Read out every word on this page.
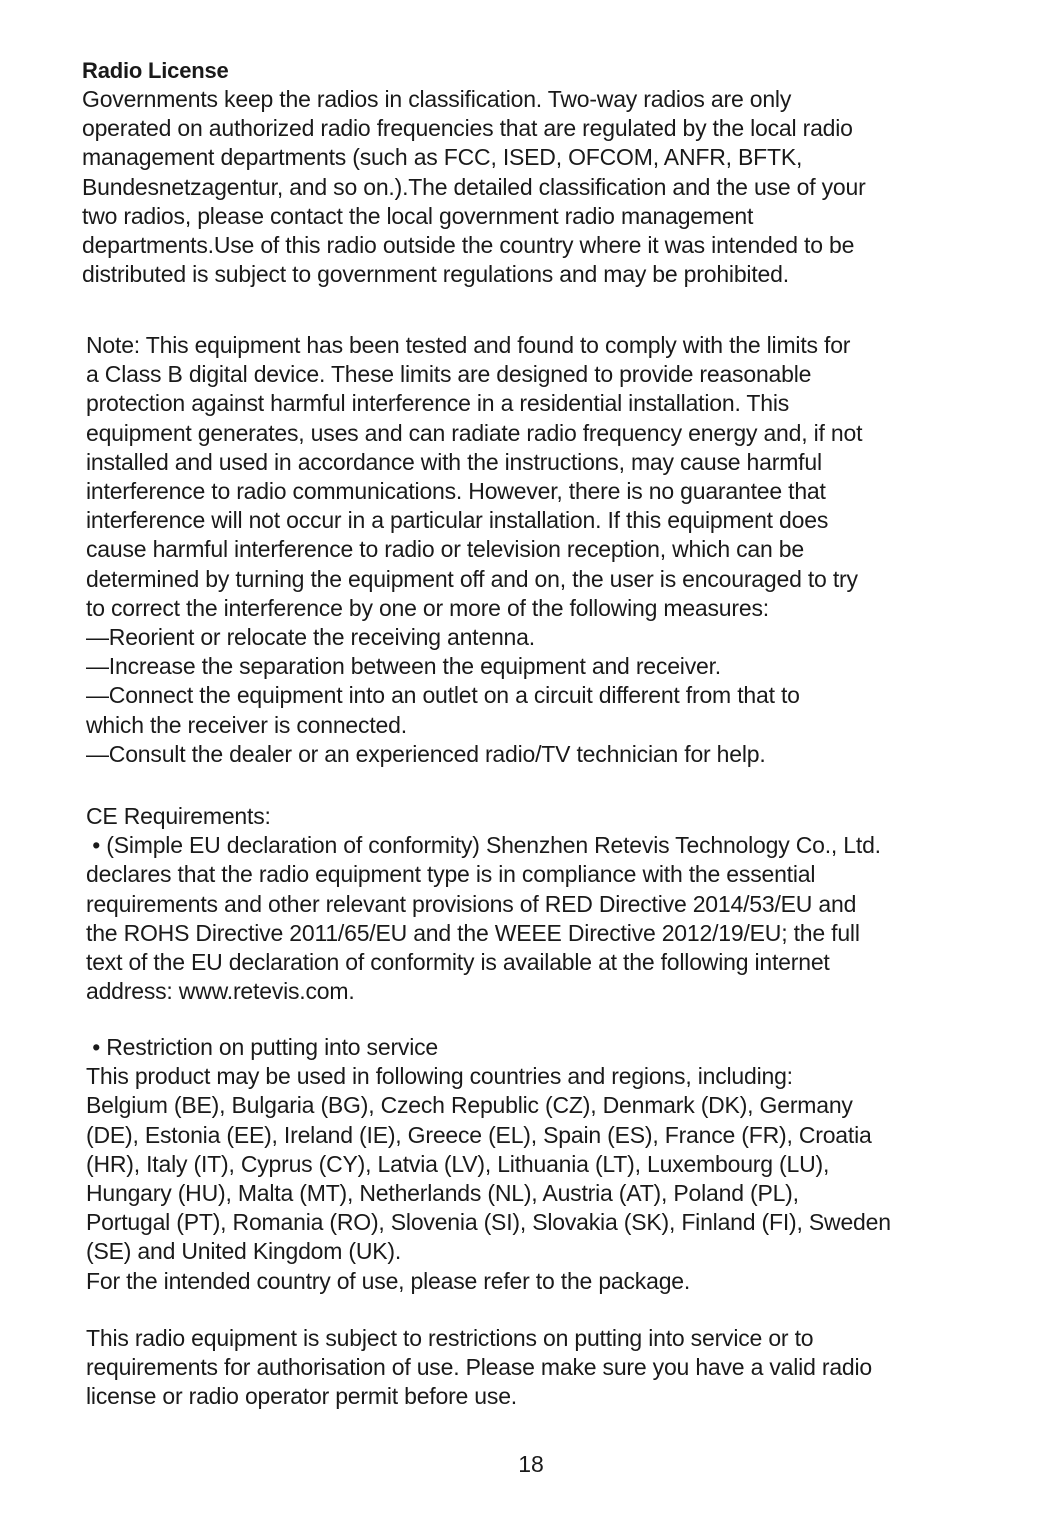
Radio License
Governments keep the radios in classification. Two-way radios are only
operated on authorized radio frequencies that are regulated by the local radio
management departments (such as FCC, ISED, OFCOM, ANFR, BFTK,
Bundesnetzagentur, and so on.).The detailed classification and the use of your
two radios, please contact the local government radio management
departments.Use of this radio outside the country where it was intended to be
distributed is subject to government regulations and may be prohibited.
Note: This equipment has been tested and found to comply with the limits for
a Class B digital device. These limits are designed to provide reasonable
protection against harmful interference in a residential installation. This
equipment generates, uses and can radiate radio frequency energy and, if not
installed and used in accordance with the instructions, may cause harmful
interference to radio communications. However, there is no guarantee that
interference will not occur in a particular installation. If this equipment does
cause harmful interference to radio or television reception, which can be
determined by turning the equipment off and on, the user is encouraged to try
to correct the interference by one or more of the following measures:
—Reorient or relocate the receiving antenna.
—Increase the separation between the equipment and receiver.
—Connect the equipment into an outlet on a circuit different from that to
which the receiver is connected.
—Consult the dealer or an experienced radio/TV technician for help.
CE Requirements:
• (Simple EU declaration of conformity) Shenzhen Retevis Technology Co., Ltd.
declares that the radio equipment type is in compliance with the essential
requirements and other relevant provisions of RED Directive 2014/53/EU and
the ROHS Directive 2011/65/EU and the WEEE Directive 2012/19/EU; the full
text of the EU declaration of conformity is available at the following internet
address: www.retevis.com.
• Restriction on putting into service
This product may be used in following countries and regions, including:
Belgium (BE), Bulgaria (BG), Czech Republic (CZ), Denmark (DK), Germany
(DE), Estonia (EE), Ireland (IE), Greece (EL), Spain (ES), France (FR), Croatia
(HR), Italy (IT), Cyprus (CY), Latvia (LV), Lithuania (LT), Luxembourg (LU),
Hungary (HU), Malta (MT), Netherlands (NL), Austria (AT), Poland (PL),
Portugal (PT), Romania (RO), Slovenia (SI), Slovakia (SK), Finland (FI), Sweden
(SE) and United Kingdom (UK).
For the intended country of use, please refer to the package.
This radio equipment is subject to restrictions on putting into service or to
requirements for authorisation of use. Please make sure you have a valid radio
license or radio operator permit before use.
18
